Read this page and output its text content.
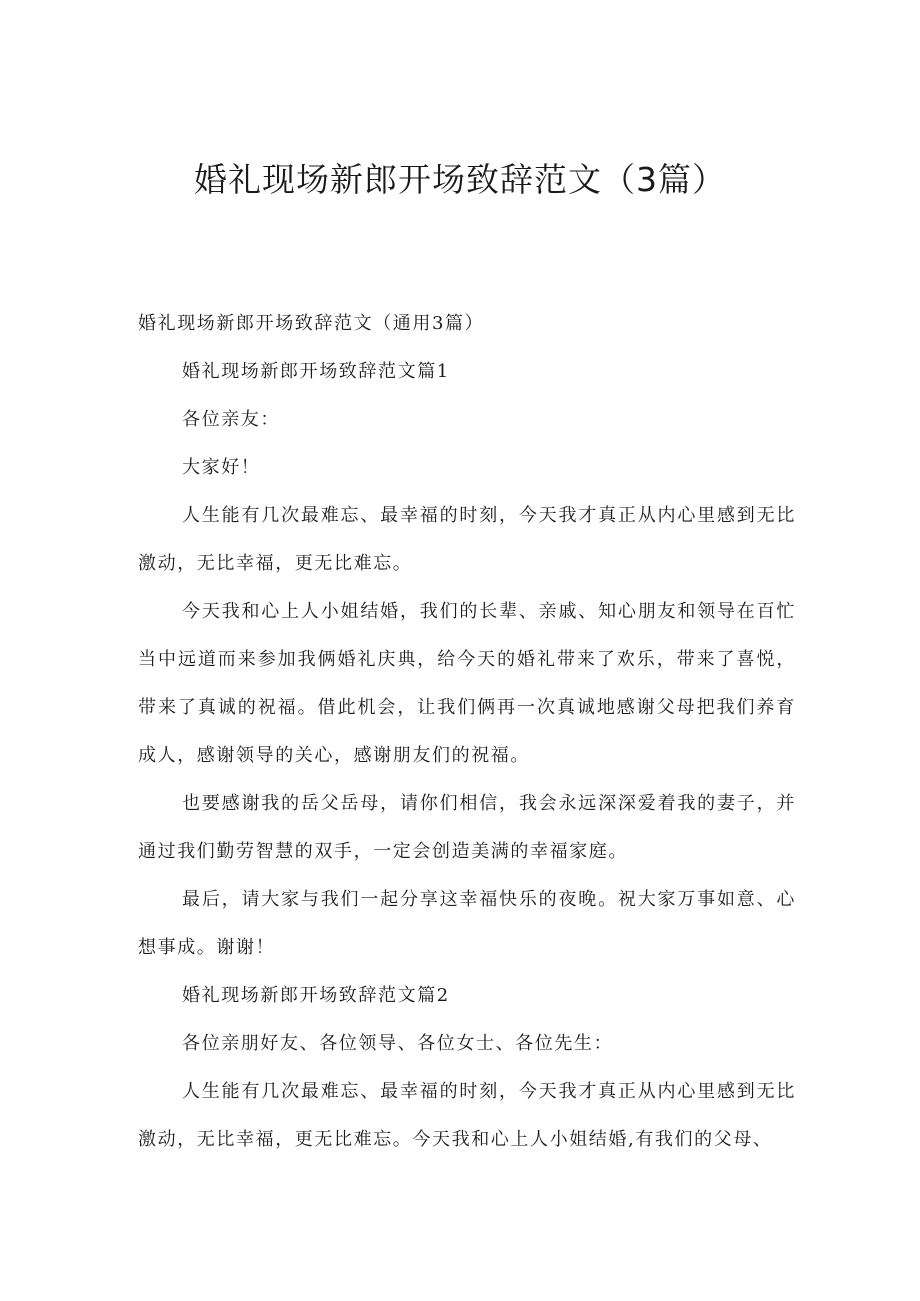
婚礼现场新郎开场致辞范文（3篇）

婚礼现场新郎开场致辞范文（通用3篇）

婚礼现场新郎开场致辞范文篇1

各位亲友：

大家好！

人生能有几次最难忘、最幸福的时刻，今天我才真正从内心里感到无比激动，无比幸福，更无比难忘。

今天我和心上人小姐结婚，我们的长辈、亲戚、知心朋友和领导在百忙当中远道而来参加我俩婚礼庆典，给今天的婚礼带来了欢乐，带来了喜悦，带来了真诚的祝福。借此机会，让我们俩再一次真诚地感谢父母把我们养育成人，感谢领导的关心，感谢朋友们的祝福。

也要感谢我的岳父岳母，请你们相信，我会永远深深爱着我的妻子，并通过我们勤劳智慧的双手，一定会创造美满的幸福家庭。

最后，请大家与我们一起分享这幸福快乐的夜晚。祝大家万事如意、心想事成。谢谢！

婚礼现场新郎开场致辞范文篇2

各位亲朋好友、各位领导、各位女士、各位先生：

人生能有几次最难忘、最幸福的时刻，今天我才真正从内心里感到无比激动，无比幸福，更无比难忘。今天我和心上人小姐结婚,有我们的父母、
